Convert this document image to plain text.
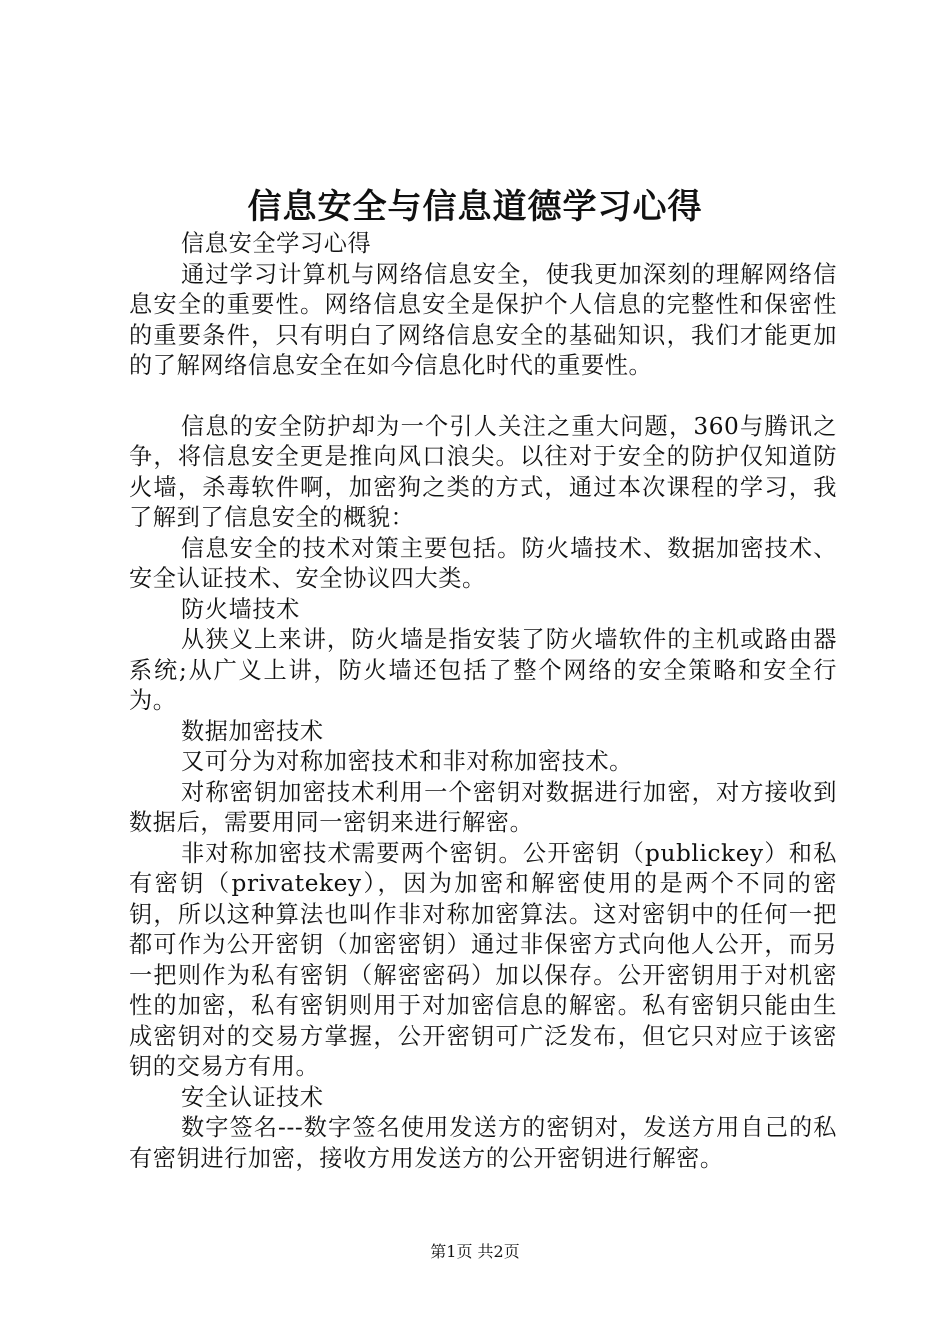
信息安全与信息道德学习心得

信息安全学习心得

通过学习计算机与网络信息安全，使我更加深刻的理解网络信息安全的重要性。网络信息安全是保护个人信息的完整性和保密性的重要条件，只有明白了网络信息安全的基础知识，我们才能更加的了解网络信息安全在如今信息化时代的重要性。

信息的安全防护却为一个引人关注之重大问题，360与腾讯之争，将信息安全更是推向风口浪尖。以往对于安全的防护仅知道防火墙，杀毒软件啊，加密狗之类的方式，通过本次课程的学习，我了解到了信息安全的概貌：

信息安全的技术对策主要包括。防火墙技术、数据加密技术、安全认证技术、安全协议四大类。

防火墙技术

从狭义上来讲，防火墙是指安装了防火墙软件的主机或路由器系统;从广义上讲，防火墙还包括了整个网络的安全策略和安全行为。

数据加密技术

又可分为对称加密技术和非对称加密技术。

对称密钥加密技术利用一个密钥对数据进行加密，对方接收到数据后，需要用同一密钥来进行解密。

非对称加密技术需要两个密钥。公开密钥（publickey）和私有密钥（privatekey），因为加密和解密使用的是两个不同的密钥，所以这种算法也叫作非对称加密算法。这对密钥中的任何一把都可作为公开密钥（加密密钥）通过非保密方式向他人公开，而另一把则作为私有密钥（解密密码）加以保存。公开密钥用于对机密性的加密，私有密钥则用于对加密信息的解密。私有密钥只能由生成密钥对的交易方掌握，公开密钥可广泛发布，但它只对应于该密钥的交易方有用。

安全认证技术

数字签名---数字签名使用发送方的密钥对，发送方用自己的私有密钥进行加密，接收方用发送方的公开密钥进行解密。

第1页 共2页
